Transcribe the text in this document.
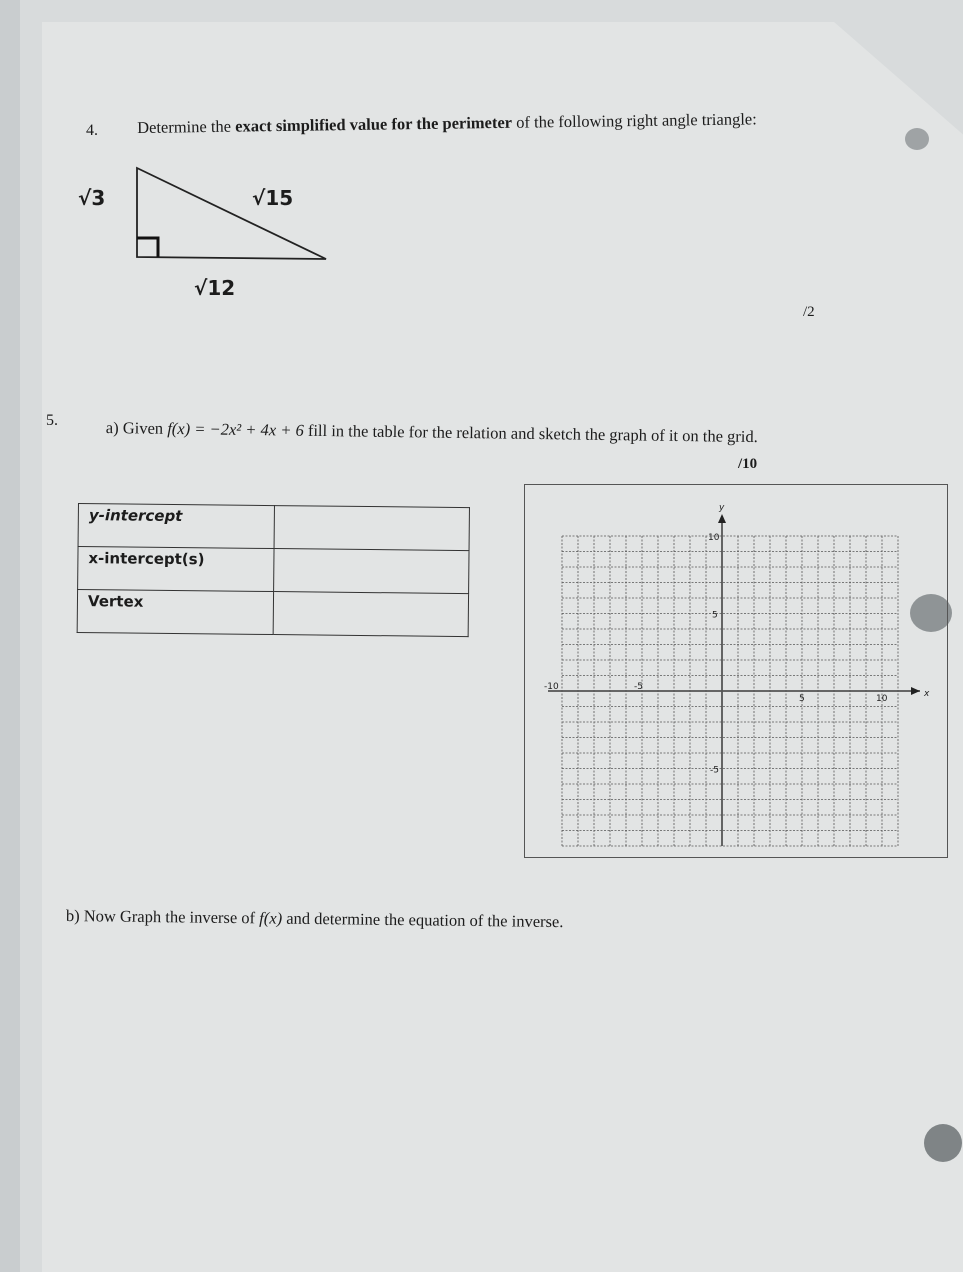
4. Determine the exact simplified value for the perimeter of the following right angle triangle:
√3	√15
√12
/2
5.	a) Given f(x) = −2x² + 4x + 6 fill in the table for the relation and sketch the graph of it on the grid.
/10
y-intercept	
x-intercept(s)	
Vertex	
y
x
10
5
-5
-10	-5
5	10
b) Now Graph the inverse of f(x) and determine the equation of the inverse.
